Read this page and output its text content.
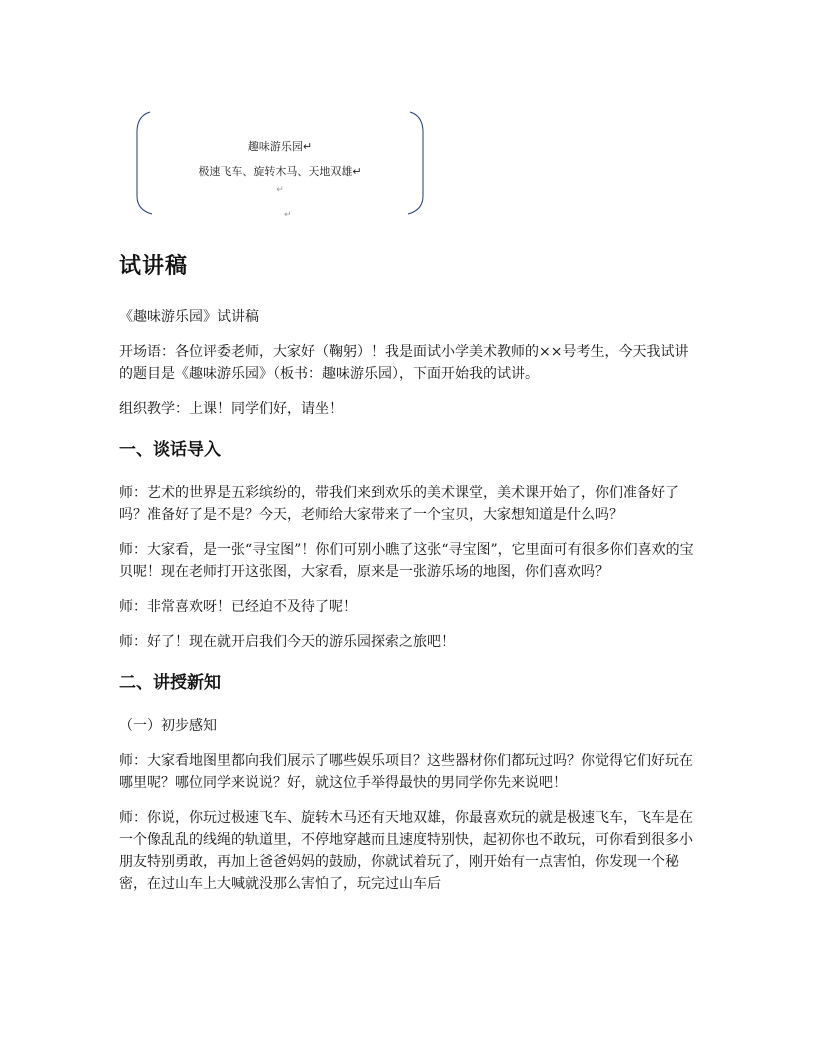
趣味游乐园↵
极速飞车、旋转木马、天地双雄↵
↵
↵
试讲稿

《趣味游乐园》试讲稿

开场语：各位评委老师，大家好（鞠躬）！我是面试小学美术教师的××号考生，今天我试讲的题目是《趣味游乐园》（板书：趣味游乐园），下面开始我的试讲。

组织教学：上课！同学们好，请坐！

一、谈话导入

师：艺术的世界是五彩缤纷的，带我们来到欢乐的美术课堂，美术课开始了，你们准备好了吗？准备好了是不是？今天，老师给大家带来了一个宝贝，大家想知道是什么吗？

师：大家看，是一张“寻宝图”！你们可别小瞧了这张“寻宝图”，它里面可有很多你们喜欢的宝贝呢！现在老师打开这张图，大家看，原来是一张游乐场的地图，你们喜欢吗？

师：非常喜欢呀！已经迫不及待了呢！

师：好了！现在就开启我们今天的游乐园探索之旅吧！

二、讲授新知

（一）初步感知

师：大家看地图里都向我们展示了哪些娱乐项目？这些器材你们都玩过吗？你觉得它们好玩在哪里呢？哪位同学来说说？好，就这位手举得最快的男同学你先来说吧！

师：你说，你玩过极速飞车、旋转木马还有天地双雄，你最喜欢玩的就是极速飞车，飞车是在一个像乱乱的线绳的轨道里，不停地穿越而且速度特别快，起初你也不敢玩，可你看到很多小朋友特别勇敢，再加上爸爸妈妈的鼓励，你就试着玩了，刚开始有一点害怕，你发现一个秘密，在过山车上大喊就没那么害怕了，玩完过山车后
